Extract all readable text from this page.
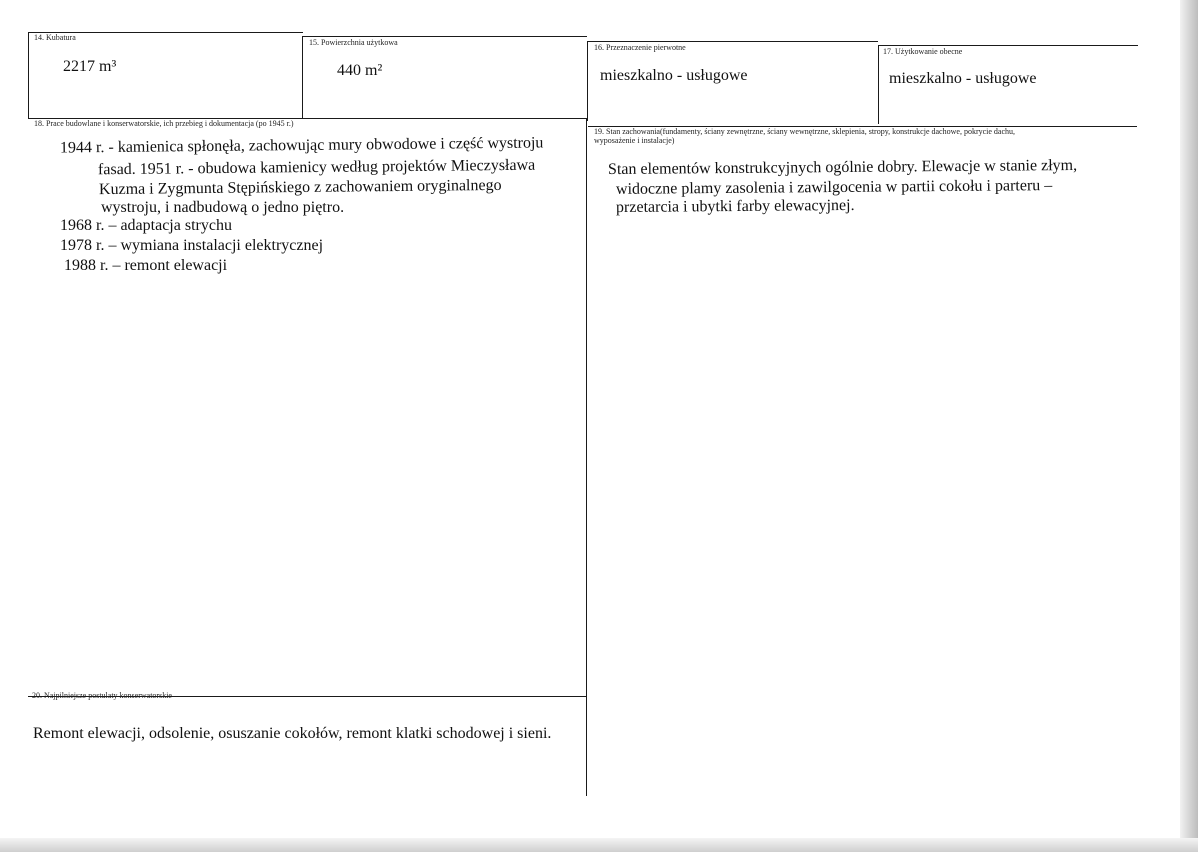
14. Kubatura
2217 m³
15. Powierzchnia użytkowa
440 m²
16. Przeznaczenie pierwotne
mieszkalno - usługowe
17. Użytkowanie obecne
mieszkalno - usługowe
18. Prace budowlane i konserwatorskie, ich przebieg i dokumentacja (po 1945 r.)
1944 r. - kamienica spłonęła, zachowując mury obwodowe i część wystroju
fasad. 1951 r. - obudowa kamienicy według projektów Mieczysława
Kuzma i Zygmunta Stępińskiego z zachowaniem oryginalnego
wystroju, i nadbudową o jedno piętro.
1968 r. – adaptacja strychu
1978 r. – wymiana instalacji elektrycznej
1988 r. – remont elewacji
19. Stan zachowania(fundamenty, ściany zewnętrzne, ściany wewnętrzne, sklepienia, stropy, konstrukcje dachowe, pokrycie dachu,
wyposażenie i instalacje)
Stan elementów konstrukcyjnych ogólnie dobry. Elewacje w stanie złym,
widoczne plamy zasolenia i zawilgocenia w partii cokołu i parteru –
przetarcia i ubytki farby elewacyjnej.
20. Najpilniejsze postulaty konserwatorskie
Remont elewacji, odsolenie, osuszanie cokołów, remont klatki schodowej i sieni.
